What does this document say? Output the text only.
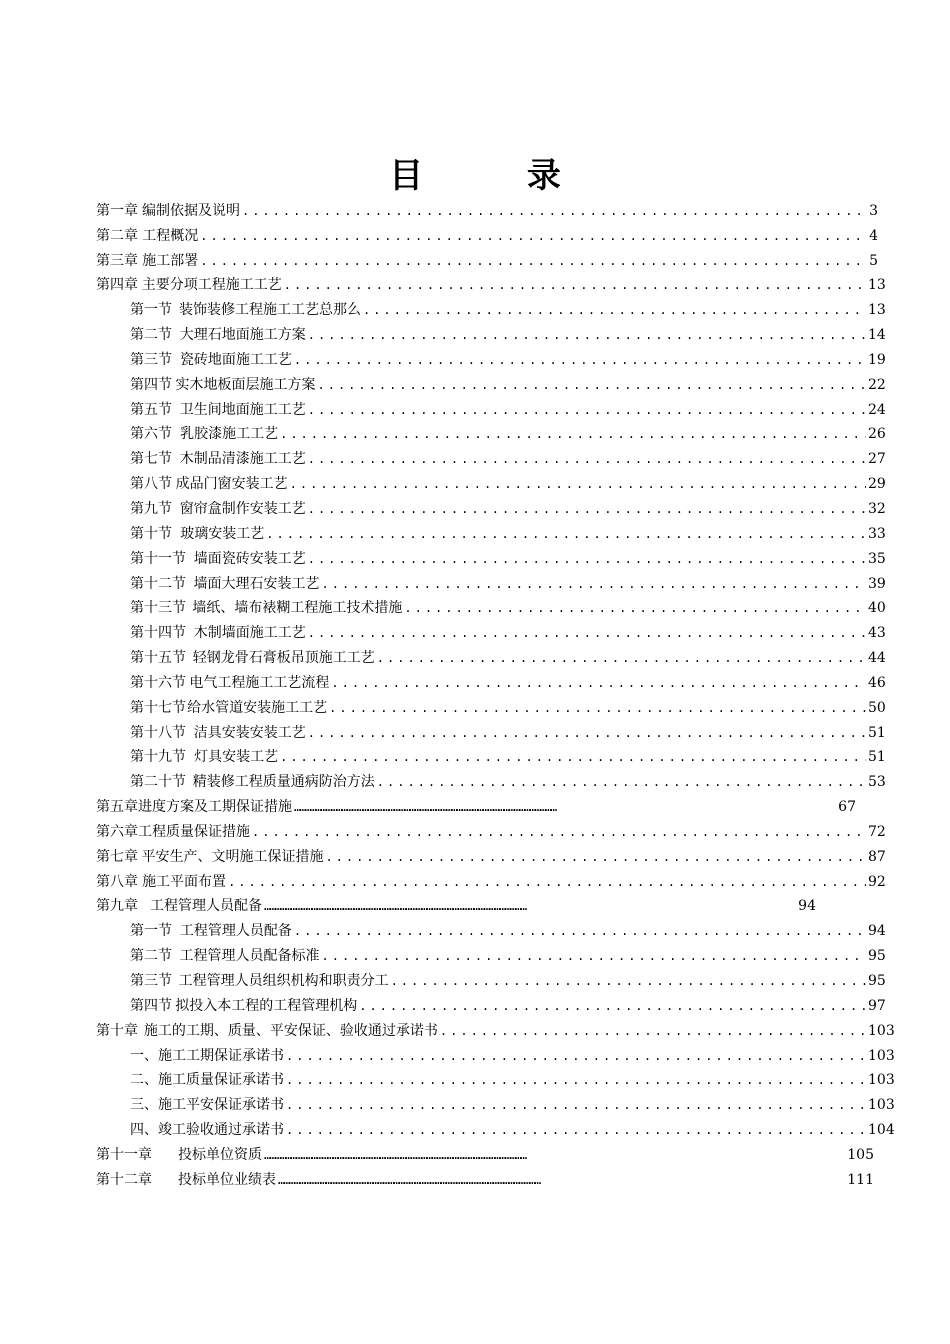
目 录
第一章 编制依据及说明 .....	3
第二章 工程概况 .....	4
第三章 施工部署 .....	5
第四章 主要分项工程施工工艺 .....	13
第一节 装饰装修工程施工工艺总那么 .....	13
第二节 大理石地面施工方案 .....	14
第三节 瓷砖地面施工工艺 .....	19
第四节 实木地板面层施工方案 .....	22
第五节 卫生间地面施工工艺 .....	24
第六节 乳胶漆施工工艺 .....	26
第七节 木制品清漆施工工艺 .....	27
第八节 成品门窗安装工艺 .....	29
第九节 窗帘盒制作安装工艺 .....	32
第十节 玻璃安装工艺 .....	33
第十一节 墙面瓷砖安装工艺 .....	35
第十二节 墙面大理石安装工艺 .....	39
第十三节 墙纸、墙布裱糊工程施工技术措施 .....	40
第十四节 木制墙面施工工艺 .....	43
第十五节 轻钢龙骨石膏板吊顶施工工艺 .....	44
第十六节 电气工程施工工艺流程 .....	46
第十七节 给水管道安装施工工艺 .....	50
第十八节 洁具安装安装工艺 .....	51
第十九节 灯具安装工艺 .....	51
第二十节 精装修工程质量通病防治方法 .....	53
第五章 进度方案及工期保证措施 ……………………………………………………………………………………………………………………………………	67
第六章 工程质量保证措施 .....	72
第七章 平安生产、文明施工保证措施 .....	87
第八章 施工平面布置 .....	92
第九章 工程管理人员配备 ……………………………………………………………………………………………………………………………………	94
第一节 工程管理人员配备 .....	94
第二节 工程管理人员配备标准 .....	95
第三节 工程管理人员组织机构和职责分工 .....	95
第四节 拟投入本工程的工程管理机构 .....	97
第十章 施工的工期、质量、平安保证、验收通过承诺书 .....	103
一、 施工工期保证承诺书 .....	103
二、 施工质量保证承诺书 .....	103
三、 施工平安保证承诺书 .....	103
四、 竣工验收通过承诺书 .....	104
第十一章 投标单位资质 ……………………………………………………………………………………………………………………………………	105
第十二章 投标单位业绩表 ……………………………………………………………………………………………………………………………………	111
